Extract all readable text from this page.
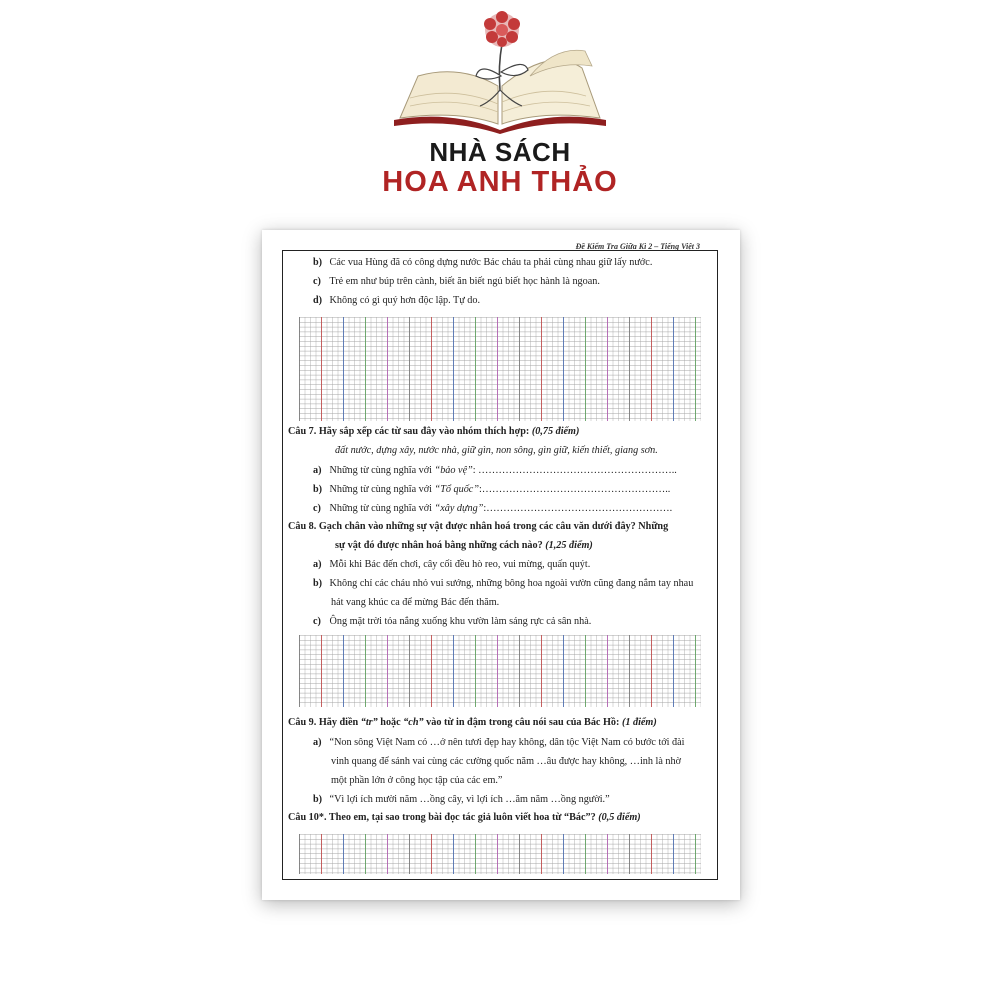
NHÀ SÁCH
HOA ANH THẢO
Đề Kiểm Tra Giữa Kì 2 – Tiếng Việt 3
b) Các vua Hùng đã có công dựng nước Bác cháu ta phải cùng nhau giữ lấy nước.
c) Trẻ em như búp trên cành, biết ăn biết ngủ biết học hành là ngoan.
d) Không có gì quý hơn độc lập. Tự do.
Câu 7. Hãy sắp xếp các từ sau đây vào nhóm thích hợp: (0,75 điểm)
đất nước, dựng xây, nước nhà, giữ gìn, non sông, gìn giữ, kiến thiết, giang sơn.
a) Những từ cùng nghĩa với “bảo vệ”: …………………………………………………..
b) Những từ cùng nghĩa với “Tổ quốc”:………………………………………………..
c) Những từ cùng nghĩa với “xây dựng”:……………………………………………….
Câu 8. Gạch chân vào những sự vật được nhân hoá trong các câu văn dưới đây? Những
sự vật đó được nhân hoá bằng những cách nào? (1,25 điểm)
a) Mỗi khi Bác đến chơi, cây cối đều hò reo, vui mừng, quấn quýt.
b) Không chỉ các cháu nhỏ vui sướng, những bông hoa ngoài vườn cũng đang nắm tay nhau
hát vang khúc ca để mừng Bác đến thăm.
c) Ông mặt trời tỏa nắng xuống khu vườn làm sáng rực cả sân nhà.
Câu 9. Hãy điền “tr” hoặc “ch” vào từ in đậm trong câu nói sau của Bác Hồ: (1 điểm)
a) “Non sông Việt Nam có …ở nên tươi đẹp hay không, dân tộc Việt Nam có bước tới đài
vinh quang để sánh vai cùng các cường quốc năm …âu được hay không, …inh là nhờ
một phần lớn ở công học tập của các em.”
b) “Vì lợi ích mười năm …ồng cây, vì lợi ích …ăm năm …ồng người.”
Câu 10*. Theo em, tại sao trong bài đọc tác giả luôn viết hoa từ “Bác”? (0,5 điểm)
